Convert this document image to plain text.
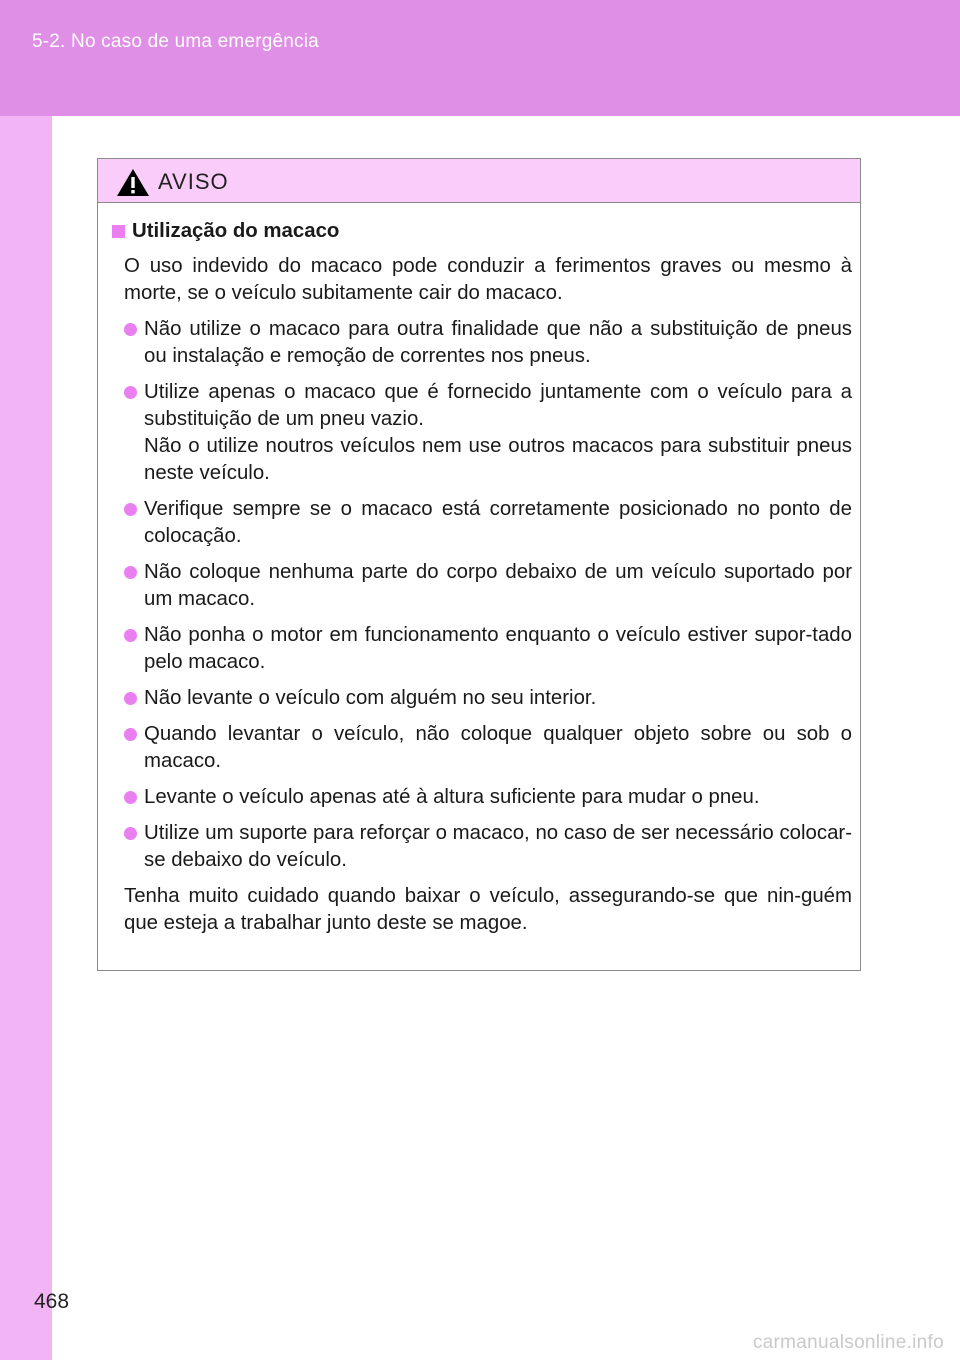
5-2. No caso de uma emergência
AVISO
Utilização do macaco
O uso indevido do macaco pode conduzir a ferimentos graves ou mesmo à morte, se o veículo subitamente cair do macaco.

Não utilize o macaco para outra finalidade que não a substituição de pneus ou instalação e remoção de correntes nos pneus.

Utilize apenas o macaco que é fornecido juntamente com o veículo para a substituição de um pneu vazio.

Não o utilize noutros veículos nem use outros macacos para substituir pneus neste veículo.

Verifique sempre se o macaco está corretamente posicionado no ponto de colocação.

Não coloque nenhuma parte do corpo debaixo de um veículo suportado por um macaco.

Não ponha o motor em funcionamento enquanto o veículo estiver supor-tado pelo macaco.

Não levante o veículo com alguém no seu interior.

Quando levantar o veículo, não coloque qualquer objeto sobre ou sob o macaco.

Levante o veículo apenas até à altura suficiente para mudar o pneu.

Utilize um suporte para reforçar o macaco, no caso de ser necessário colocar-se debaixo do veículo.

Tenha muito cuidado quando baixar o veículo, assegurando-se que nin-guém que esteja a trabalhar junto deste se magoe.
468
carmanualsonline.info
